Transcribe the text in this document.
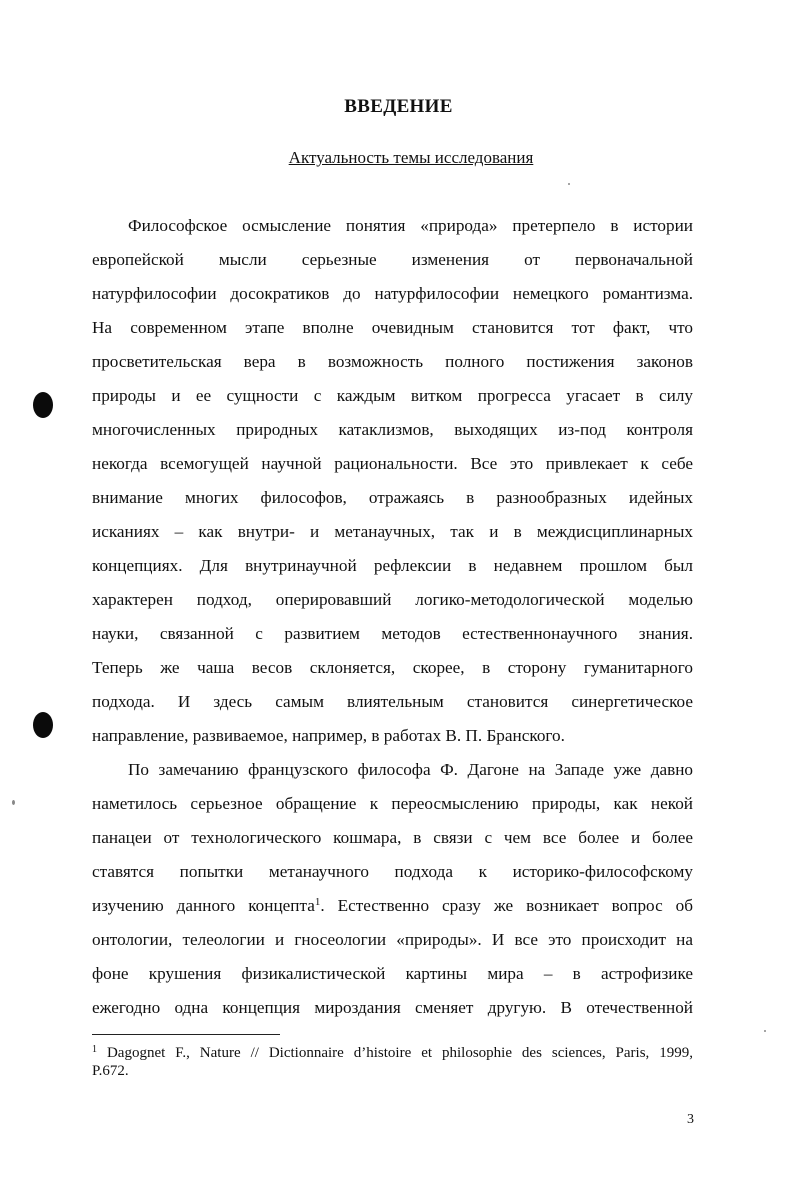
ВВЕДЕНИЕ
Актуальность темы исследования
Философское осмысление понятия «природа» претерпело в истории
европейской мысли серьезные изменения от первоначальной
натурфилософии досократиков до натурфилософии немецкого романтизма.
На современном этапе вполне очевидным становится тот факт, что
просветительская вера в возможность полного постижения законов
природы и ее сущности с каждым витком прогресса угасает в силу
многочисленных природных катаклизмов, выходящих из-под контроля
некогда всемогущей научной рациональности. Все это привлекает к себе
внимание многих философов, отражаясь в разнообразных идейных
исканиях – как внутри- и метанаучных, так и в междисциплинарных
концепциях. Для внутринаучной рефлексии в недавнем прошлом был
характерен подход, оперировавший логико-методологической моделью
науки, связанной с развитием методов естественнонаучного знания.
Теперь же чаша весов склоняется, скорее, в сторону гуманитарного
подхода. И здесь самым влиятельным становится синергетическое
направление, развиваемое, например, в работах В. П. Бранского.
По замечанию французского философа Ф. Дагоне на Западе уже давно
наметилось серьезное обращение к переосмыслению природы, как некой
панацеи от технологического кошмара, в связи с чем все более и более
ставятся попытки метанаучного подхода к историко-философскому
изучению данного концепта$^1$. Естественно сразу же возникает вопрос об
онтологии, телеологии и гносеологии «природы». И все это происходит на
фоне крушения физикалистической картины мира – в астрофизике
ежегодно одна концепция мироздания сменяет другую. В отечественной
$^1$ Dagognet F., Nature // Dictionnaire d’histoire et philosophie des sciences, Paris, 1999,
P.672.
3
